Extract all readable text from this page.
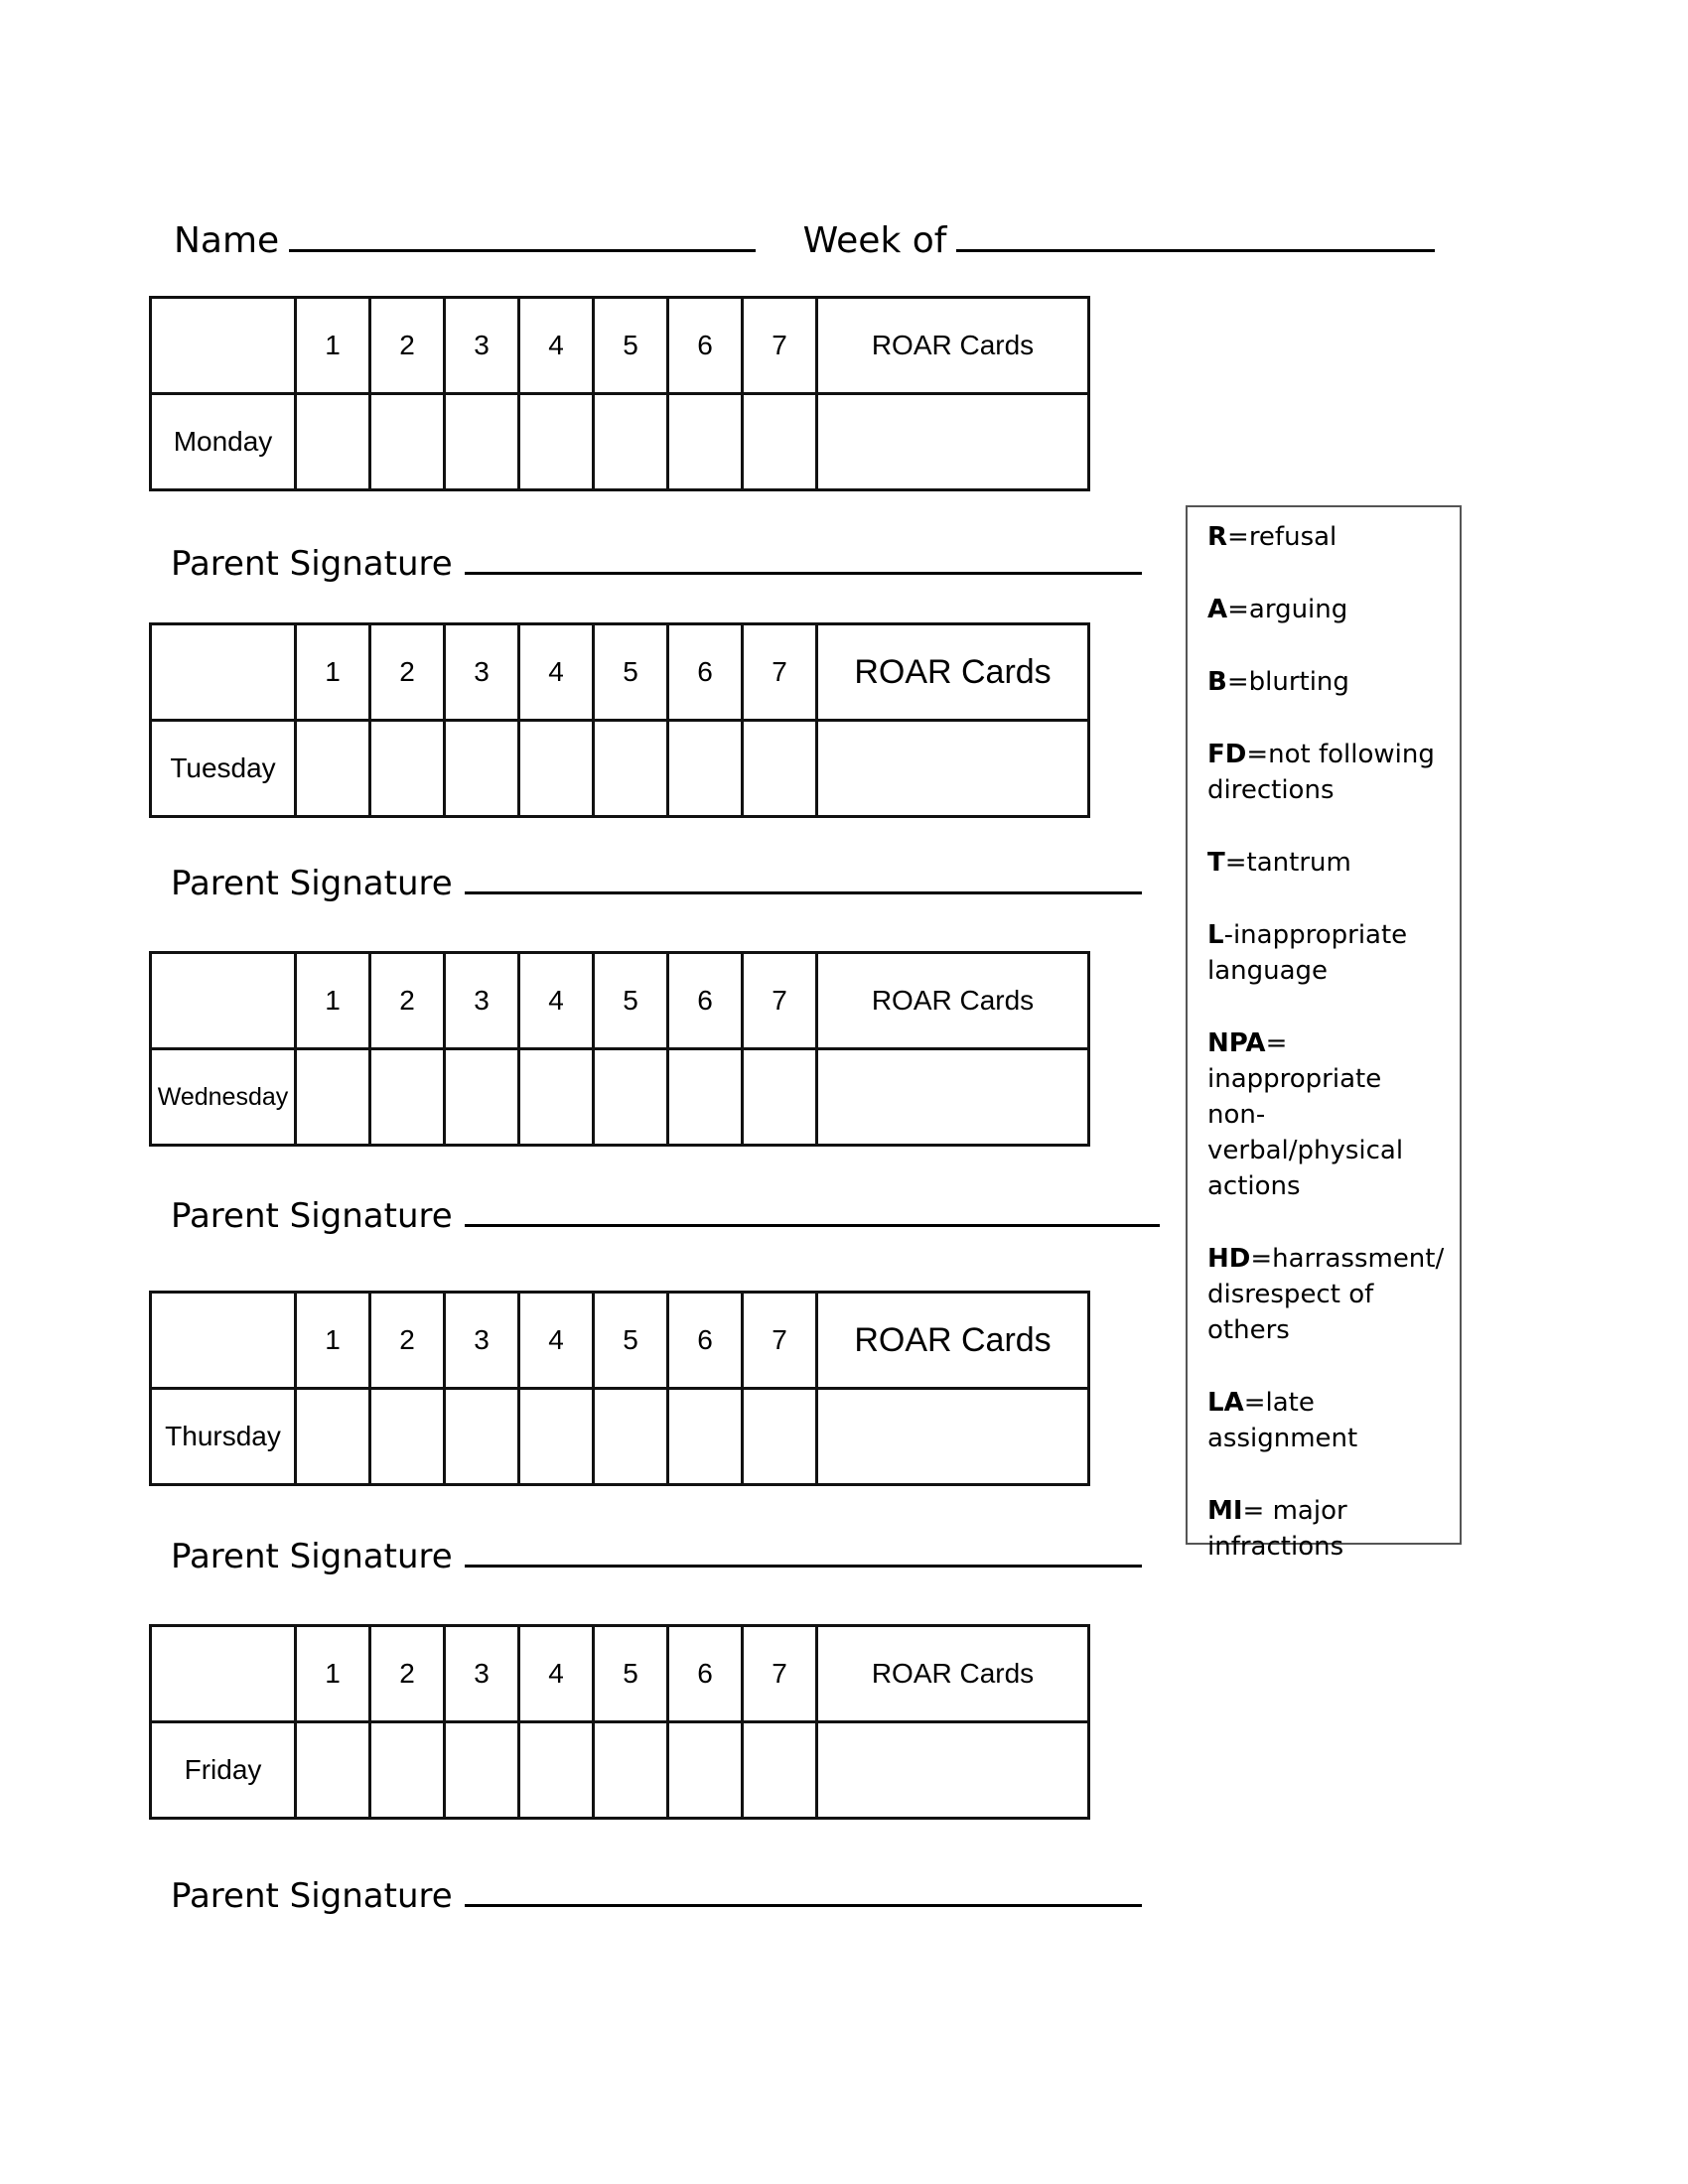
Name	Week of
	1	2	3	4	5	6	7	ROAR Cards
Monday								
Parent Signature
	1	2	3	4	5	6	7	ROAR Cards
Tuesday								
Parent Signature
	1	2	3	4	5	6	7	ROAR Cards
Wednesday								
Parent Signature
	1	2	3	4	5	6	7	ROAR Cards
Thursday								
Parent Signature
	1	2	3	4	5	6	7	ROAR Cards
Friday								
Parent Signature
R=refusal
A=arguing
B=blurting
FD=not following directions
T=tantrum
L-inappropriate language
NPA= inappropriate non-verbal/physical actions
HD=harrassment/ disrespect of others
LA=late assignment
MI= major infractions
